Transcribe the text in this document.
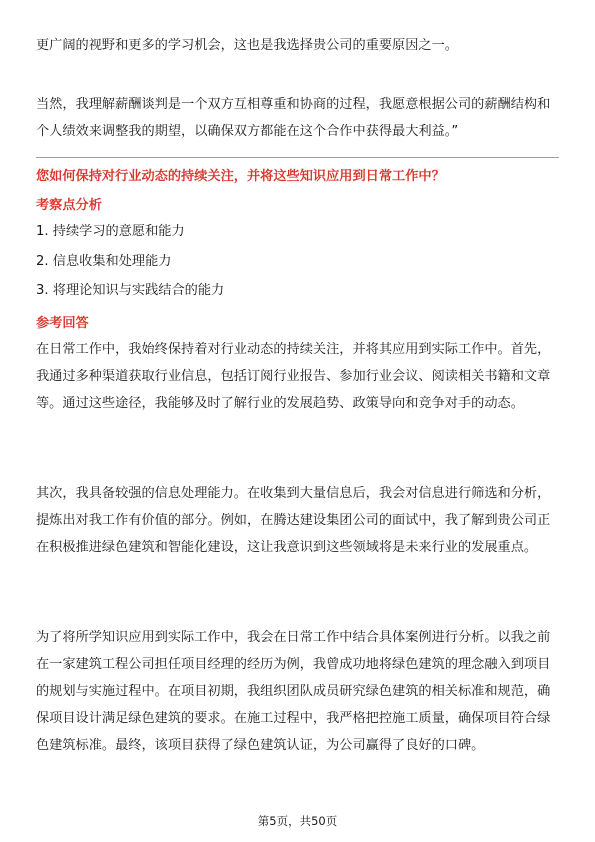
更广阔的视野和更多的学习机会，这也是我选择贵公司的重要原因之一。

当然，我理解薪酬谈判是一个双方互相尊重和协商的过程，我愿意根据公司的薪酬结构和个人绩效来调整我的期望，以确保双方都能在这个合作中获得最大利益。”

您如何保持对行业动态的持续关注，并将这些知识应用到日常工作中？

考察点分析

1. 持续学习的意愿和能力

2. 信息收集和处理能力

3. 将理论知识与实践结合的能力

参考回答

在日常工作中，我始终保持着对行业动态的持续关注，并将其应用到实际工作中。首先，我通过多种渠道获取行业信息，包括订阅行业报告、参加行业会议、阅读相关书籍和文章等。通过这些途径，我能够及时了解行业的发展趋势、政策导向和竞争对手的动态。

其次，我具备较强的信息处理能力。在收集到大量信息后，我会对信息进行筛选和分析，提炼出对我工作有价值的部分。例如，在腾达建设集团公司的面试中，我了解到贵公司正在积极推进绿色建筑和智能化建设，这让我意识到这些领域将是未来行业的发展重点。

为了将所学知识应用到实际工作中，我会在日常工作中结合具体案例进行分析。以我之前在一家建筑工程公司担任项目经理的经历为例，我曾成功地将绿色建筑的理念融入到项目的规划与实施过程中。在项目初期，我组织团队成员研究绿色建筑的相关标准和规范，确保项目设计满足绿色建筑的要求。在施工过程中，我严格把控施工质量，确保项目符合绿色建筑标准。最终，该项目获得了绿色建筑认证，为公司赢得了良好的口碑。

第5页，共50页
